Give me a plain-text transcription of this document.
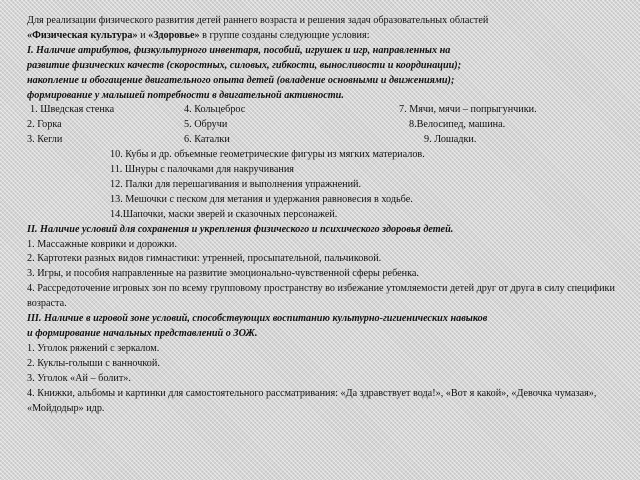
Для реализации физического развития детей раннего возраста и решения задач образовательных областей
«Физическая культура» и «Здоровье» в группе созданы следующие условия:
I. Наличие атрибутов, физкультурного инвентаря, пособий, игрушек и игр, направленных на
развитие физических качеств (скоростных, силовых, гибкости, выносливости и координации);
накопление и обогащение двигательного опыта детей (овладение основными и движениями);
формирование у малышей потребности в двигательной активности.
1. Шведская стенка	4. Кольцеброс	7. Мячи, мячи – попрыгунчики.
2. Горка	5. Обручи	8.Велосипед, машина.
3. Кегли	6. Каталки	9. Лошадки.
10. Кубы и др. объемные геометрические фигуры из мягких материалов.
11. Шнуры с палочками для накручивания
12. Палки для перешагивания и выполнения упражнений.
13. Мешочки с песком для метания и удержания равновесия в ходьбе.
14.Шапочки, маски зверей и сказочных персонажей.
II. Наличие условий для сохранения и укрепления физического и психического здоровья детей.
1. Массажные коврики и дорожки.
2. Картотеки разных видов гимнастики: утренней, просыпательной, пальчиковой.
3. Игры, и пособия направленные на развитие эмоционально-чувственной сферы ребенка.
4. Рассредоточение игровых зон по всему групповому пространству во избежание утомляемости детей друг от друга в силу специфики возраста.
III. Наличие в игровой зоне условий, способствующих воспитанию культурно-гигиенических навыков
и формирование начальных представлений о ЗОЖ.
1. Уголок ряжений с зеркалом.
2. Куклы-голыши с ванночкой.
3. Уголок «Ай – болит».
4. Книжки, альбомы и картинки для самостоятельного рассматривания: «Да здравствует вода!», «Вот я какой», «Девочка чумазая», «Мойдодыр» идр.
